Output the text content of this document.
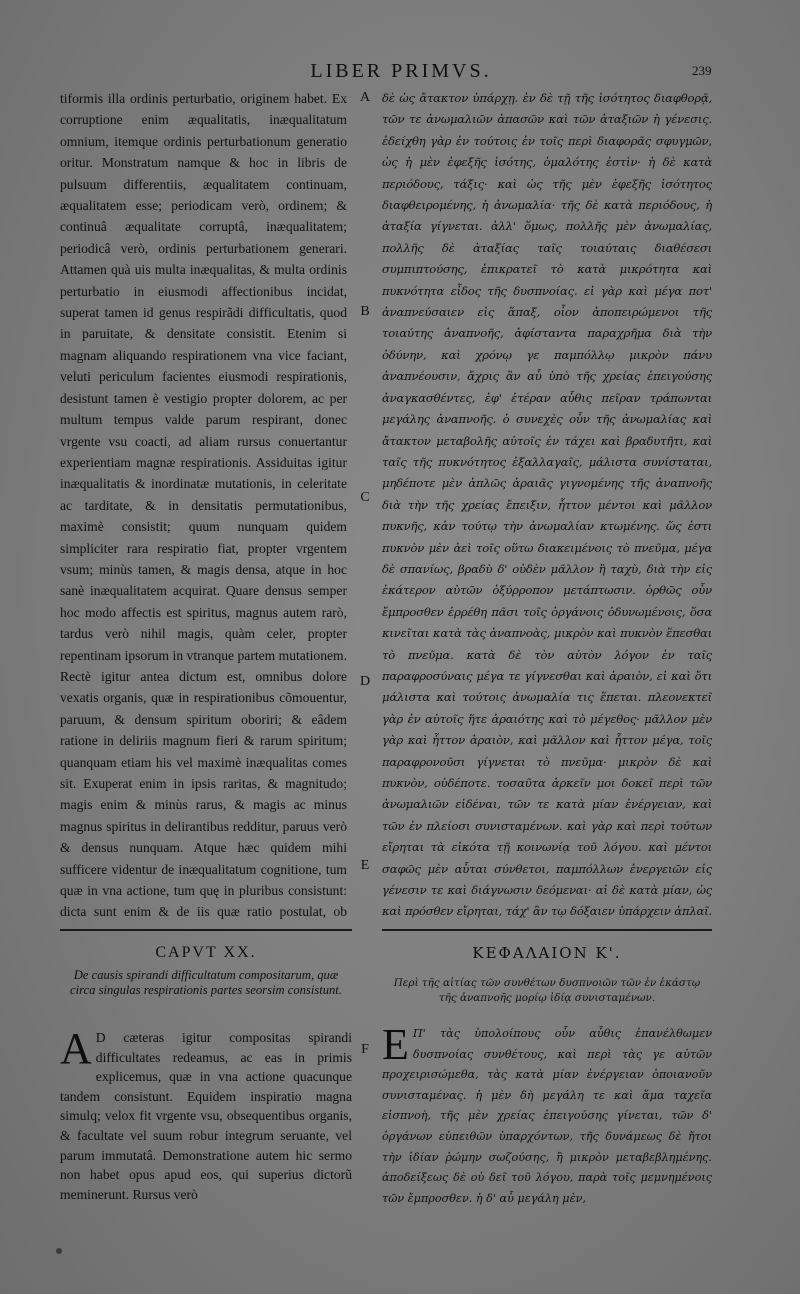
LIBER PRIMVS.	239
tiformis illa ordinis perturbatio, originem habet. Ex corruptione enim æqualitatis, inæqualitatum omnium, itemque ordinis perturbationum generatio oritur. Monstratum namque & hoc in libris de pulsuum differentiis, æqualitatem continuam, æqualitatem esse; periodicam verò, ordinem; & continuâ æqualitate corruptâ, inæqualitatem; periodicâ verò, ordinis perturbationem generari. Attamen quà uis multa inæqualitas, & multa ordinis perturbatio in eiusmodi affectionibus incidat, superat tamen id genus respirãdi difficultatis, quod in paruitate, & densitate consistit. Etenim si magnam aliquando respirationem vna vice faciant, veluti periculum facientes eiusmodi respirationis, desistunt tamen è vestigio propter dolorem, ac per multum tempus valde parum respirant, donec vrgente vsu coacti, ad aliam rursus conuertantur experientiam magnæ respirationis. Assiduitas igitur inæqualitatis & inordinatæ mutationis, in celeritate ac tarditate, & in densitatis permutationibus, maximè consistit; quum nunquam quidem simpliciter rara respiratio fiat, propter vrgentem vsum; minùs tamen, & magis densa, atque in hoc sanè inæqualitatem acquirat. Quare densus semper hoc modo affectis est spiritus, magnus autem rarò, tardus verò nihil magis, quàm celer, propter repentinam ipsorum in vtranque partem mutationem. Rectè igitur antea dictum est, omnibus dolore vexatis organis, quæ in respirationibus cõmouentur, paruum, & densum spiritum oboriri; & eâdem ratione in deliriis magnum fieri & rarum spiritum; quanquam etiam his vel maximè inæqualitas comes sit. Exuperat enim in ipsis raritas, & magnitudo; magis enim & minùs rarus, & magis ac minus magnus spiritus in delirantibus redditur, paruus verò & densus nunquam. Atque hæc quidem mihi sufficere videntur de inæqualitatum cognitione, tum quæ in vna actione, tum quę in pluribus consistunt: dicta sunt enim & de iis quæ ratio postulat, ob
δὲ ὡς ἄτακτον ὑπάρχῃ. ἐν δὲ τῇ τῆς ἰσότητος διαφθορᾷ, τῶν τε ἀνωμαλιῶν ἁπασῶν καὶ τῶν ἀταξιῶν ἡ γένεσις. ἐδείχθη γὰρ ἐν τούτοις ἐν τοῖς περὶ διαφορᾶς σφυγμῶν, ὡς ἡ μὲν ἐφεξῆς ἰσότης, ὁμαλότης ἐστὶν· ἡ δὲ κατὰ περιόδους, τάξις· καὶ ὡς τῆς μὲν ἐφεξῆς ἰσότητος διαφθειρομένης, ἡ ἀνωμαλία· τῆς δὲ κατὰ περιόδους, ἡ ἀταξία γίγνεται. ἀλλ' ὅμως, πολλῆς μὲν ἀνωμαλίας, πολλῆς δὲ ἀταξίας ταῖς τοιαύταις διαθέσεσι συμπιπτούσης, ἐπικρατεῖ τὸ κατὰ μικρότητα καὶ πυκνότητα εἶδος τῆς δυσπνοίας. εἰ γὰρ καὶ μέγα ποτ' ἀναπνεύσαιεν εἰς ἅπαξ, οἷον ἀποπειρώμενοι τῆς τοιαύτης ἀναπνοῆς, ἀφίσταντα παραχρῆμα διὰ τὴν ὀδύνην, καὶ χρόνῳ γε παμπόλλῳ μικρὸν πάνυ ἀναπνέουσιν, ἄχρις ἂν αὖ ὑπὸ τῆς χρείας ἐπειγούσης ἀναγκασθέντες, ἐφ' ἑτέραν αὖθις πεῖραν τράπωνται μεγάλης ἀναπνοῆς. ὁ συνεχὲς οὖν τῆς ἀνωμαλίας καὶ ἄτακτον μεταβολῆς αὐτοῖς ἐν τάχει καὶ βραδυτῆτι, καὶ ταῖς τῆς πυκνότητος ἐξαλλαγαῖς, μάλιστα συνίσταται, μηδέποτε μὲν ἁπλῶς ἀραιᾶς γιγνομένης τῆς ἀναπνοῆς διὰ τὴν τῆς χρείας ἔπειξιν, ἧττον μέντοι καὶ μᾶλλον πυκνῆς, κἀν τούτῳ τὴν ἀνωμαλίαν κτωμένης. ὥς ἐστι πυκνὸν μὲν ἀεὶ τοῖς οὕτω διακειμένοις τὸ πνεῦμα, μέγα δὲ σπανίως, βραδὺ δ' οὐδὲν μᾶλλον ἢ ταχὺ, διὰ τὴν εἰς ἑκάτερον αὐτῶν ὀξύρροπον μετάπτωσιν. ὀρθῶς οὖν ἔμπροσθεν ἐρρέθη πᾶσι τοῖς ὀργάνοις ὀδυνωμένοις, ὅσα κινεῖται κατὰ τὰς ἀναπνοὰς, μικρὸν καὶ πυκνὸν ἕπεσθαι τὸ πνεῦμα. κατὰ δὲ τὸν αὐτὸν λόγον ἐν ταῖς παραφροσύναις μέγα τε γίγνεσθαι καὶ ἀραιὸν, εἰ καὶ ὅτι μάλιστα καὶ τούτοις ἀνωμαλία τις ἕπεται. πλεονεκτεῖ γὰρ ἐν αὐτοῖς ἥτε ἀραιότης καὶ τὸ μέγεθος· μᾶλλον μὲν γὰρ καὶ ἧττον ἀραιὸν, καὶ μᾶλλον καὶ ἧττον μέγα, τοῖς παραφρονοῦσι γίγνεται τὸ πνεῦμα· μικρὸν δὲ καὶ πυκνὸν, οὐδέποτε. τοσαῦτα ἀρκεῖν μοι δοκεῖ περὶ τῶν ἀνωμαλιῶν εἰδέναι, τῶν τε κατὰ μίαν ἐνέργειαν, καὶ τῶν ἐν πλείοσι συνισταμένων. καὶ γὰρ καὶ περὶ τούτων εἴρηται τὰ εἰκότα τῇ κοινωνίᾳ τοῦ λόγου. καὶ μέντοι σαφῶς μὲν αὗται σύνθετοι, παμπόλλων ἐνεργειῶν εἰς γένεσιν τε καὶ διάγνωσιν δεόμεναι· αἱ δὲ κατὰ μίαν, ὡς καὶ πρόσθεν εἴρηται, τάχ' ἂν τῳ δόξαιεν ὑπάρχειν ἁπλαῖ.
A
B
C
D
E
F
CAPVT XX.
De causis spirandi difficultatum compositarum, quæ circa singulas respirationis partes seorsim consistunt.
ΚΕΦΑΛΑΙΟΝ Κ'.
Περὶ τῆς αἰτίας τῶν συνθέτων δυσπνοιῶν τῶν ἐν ἑκάστῳ τῆς ἀναπνοῆς μορίῳ ἰδίᾳ συνισταμένων.
A D cæteras igitur compositas spirandi difficultates redeamus, ac eas in primis explicemus, quæ in vna actione quacunque tandem consistunt. Equidem inspiratio magna simulq; velox fit vrgente vsu, obsequentibus organis, & facultate vel suum robur integrum seruante, vel parum immutatâ. Demonstratione autem hic sermo non habet opus apud eos, qui superius dictorũ meminerunt. Rursus verò
Ε Π' τὰς ὑπολοίπους οὖν αὖθις ἐπανέλθωμεν δυσπνοίας συνθέτους, καὶ περὶ τὰς γε αὐτῶν προχειρισώμεθα, τὰς κατὰ μίαν ἐνέργειαν ὁποιανοῦν συνισταμένας. ἡ μὲν δὴ μεγάλη τε καὶ ἅμα ταχεῖα εἰσπνοὴ, τῆς μὲν χρείας ἐπειγούσης γίνεται, τῶν δ' ὀργάνων εὐπειθῶν ὑπαρχόντων, τῆς δυνάμεως δὲ ἤτοι τὴν ἰδίαν ῥώμην σωζούσης, ἢ μικρὸν μεταβεβλημένης. ἀποδείξεως δὲ οὐ δεῖ τοῦ λόγου, παρὰ τοῖς μεμνημένοις τῶν ἔμπροσθεν. ἡ δ' αὖ μεγάλη μὲν,
